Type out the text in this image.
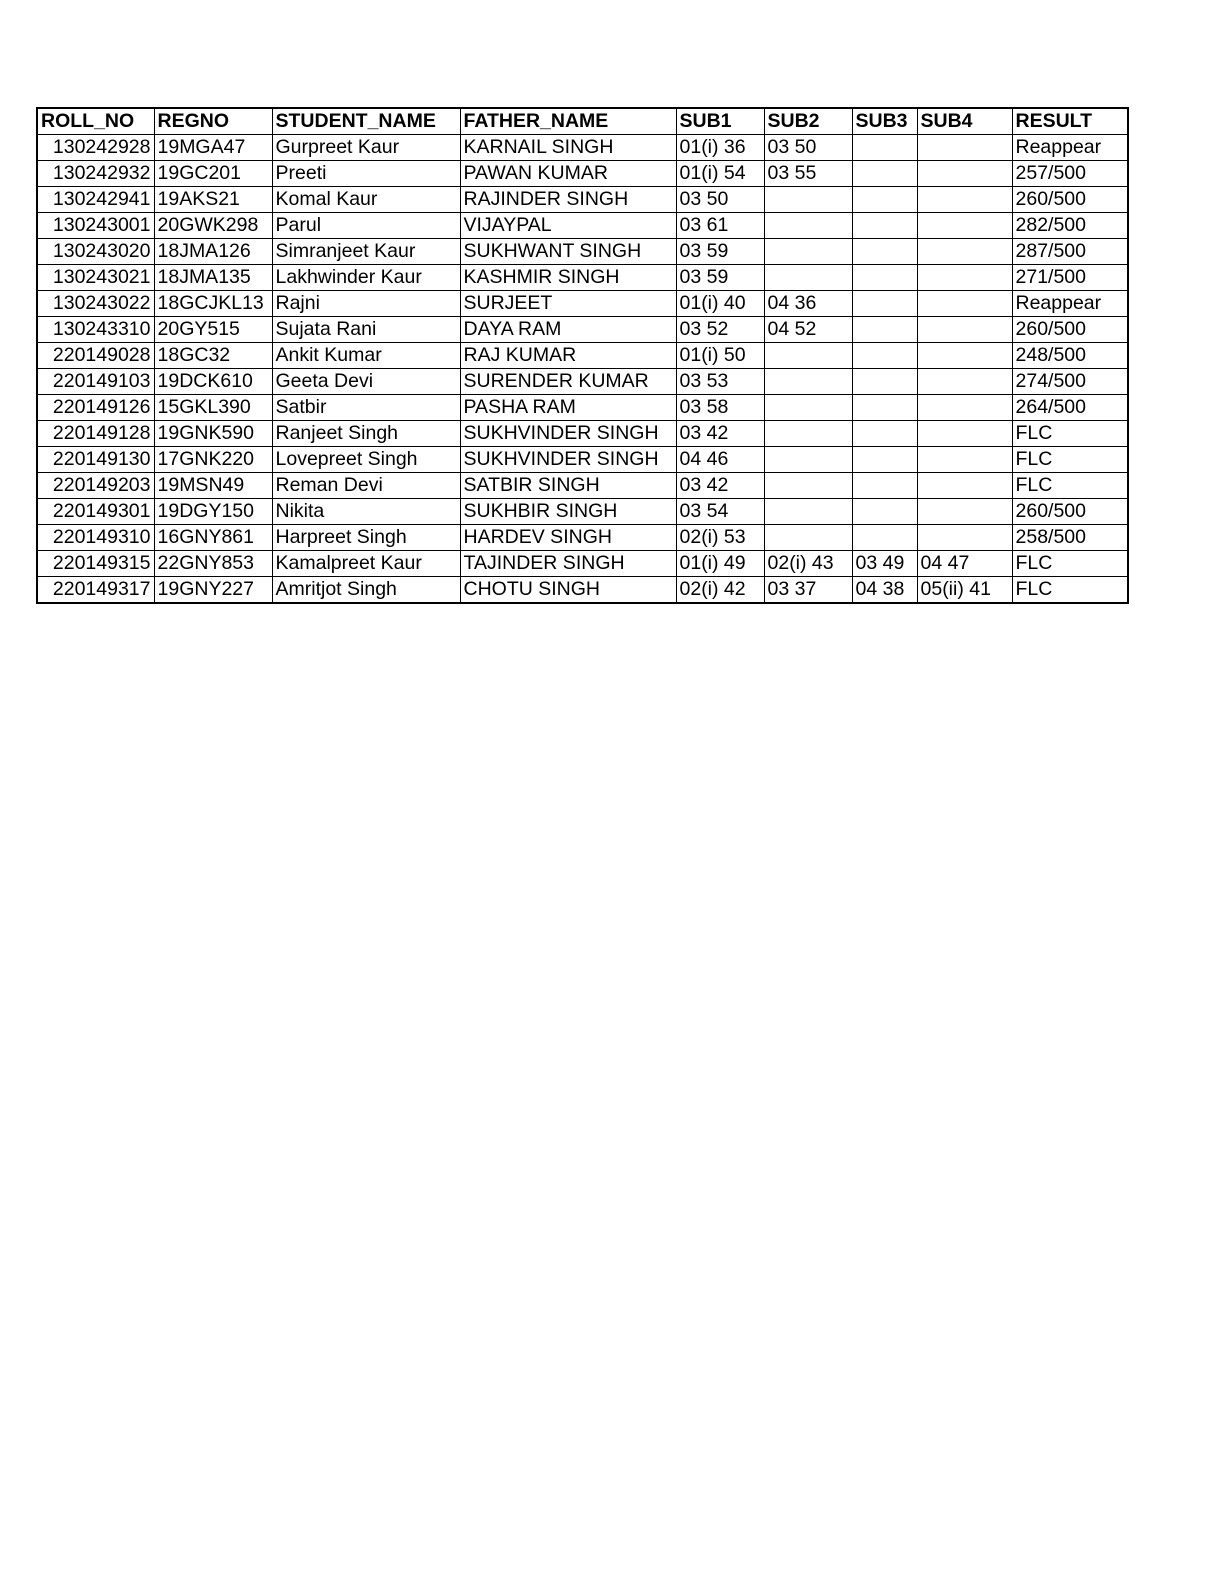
ROLL_NO	REGNO	STUDENT_NAME	FATHER_NAME	SUB1	SUB2	SUB3	SUB4	RESULT
130242928	19MGA47	Gurpreet Kaur	KARNAIL SINGH	01(i) 36	03 50			Reappear
130242932	19GC201	Preeti	PAWAN KUMAR	01(i) 54	03 55			257/500
130242941	19AKS21	Komal Kaur	RAJINDER SINGH	03 50				260/500
130243001	20GWK298	Parul	VIJAYPAL	03 61				282/500
130243020	18JMA126	Simranjeet Kaur	SUKHWANT SINGH	03 59				287/500
130243021	18JMA135	Lakhwinder Kaur	KASHMIR SINGH	03 59				271/500
130243022	18GCJKL13	Rajni	SURJEET	01(i) 40	04 36			Reappear
130243310	20GY515	Sujata Rani	DAYA RAM	03 52	04 52			260/500
220149028	18GC32	Ankit Kumar	RAJ KUMAR	01(i) 50				248/500
220149103	19DCK610	Geeta Devi	SURENDER KUMAR	03 53				274/500
220149126	15GKL390	Satbir	PASHA RAM	03 58				264/500
220149128	19GNK590	Ranjeet Singh	SUKHVINDER SINGH	03 42				FLC
220149130	17GNK220	Lovepreet Singh	SUKHVINDER SINGH	04 46				FLC
220149203	19MSN49	Reman Devi	SATBIR SINGH	03 42				FLC
220149301	19DGY150	Nikita	SUKHBIR SINGH	03 54				260/500
220149310	16GNY861	Harpreet Singh	HARDEV SINGH	02(i) 53				258/500
220149315	22GNY853	Kamalpreet Kaur	TAJINDER SINGH	01(i) 49	02(i) 43	03 49	04 47	FLC
220149317	19GNY227	Amritjot Singh	CHOTU SINGH	02(i) 42	03 37	04 38	05(ii) 41	FLC
